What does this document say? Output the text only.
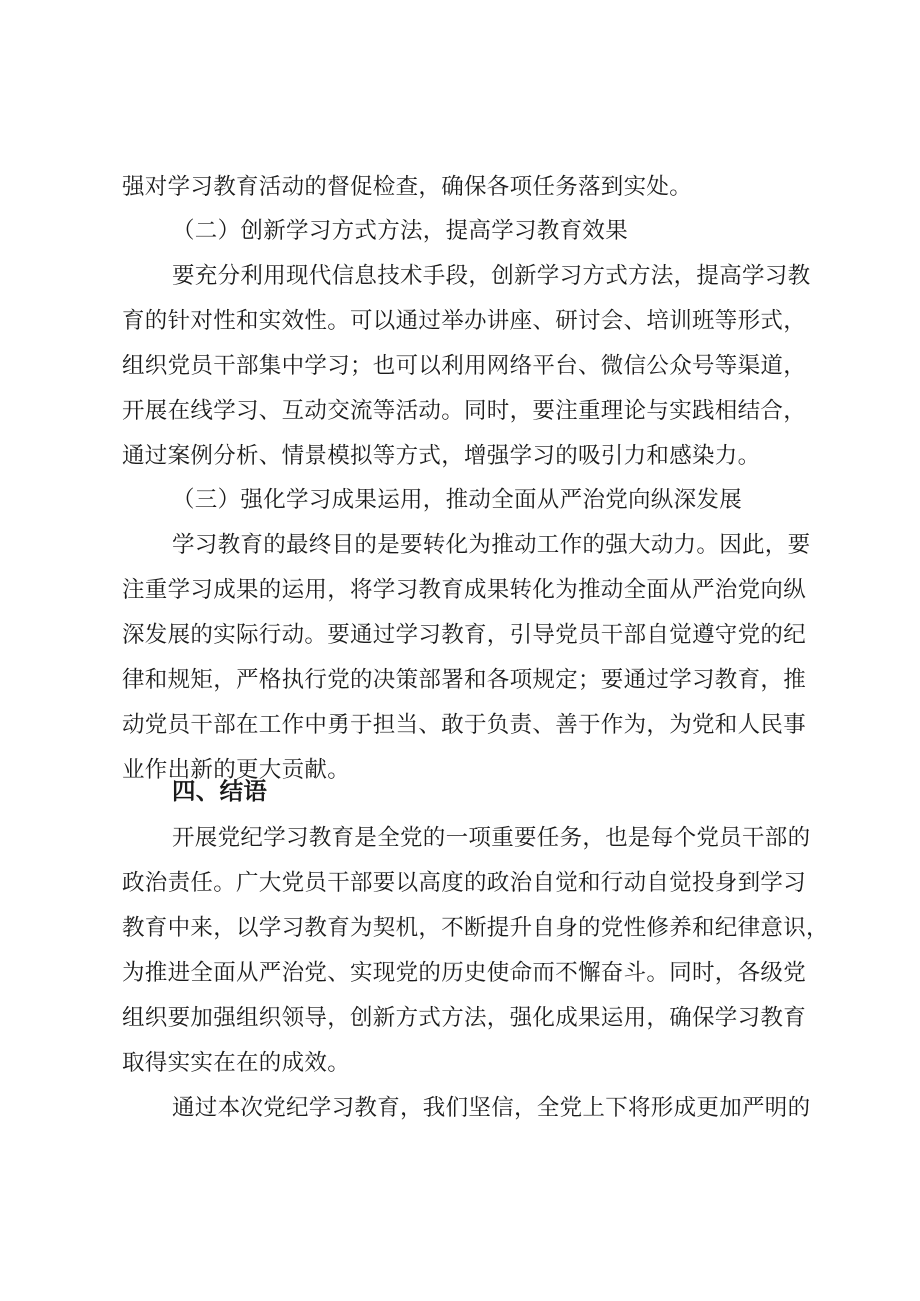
强对学习教育活动的督促检查，确保各项任务落到实处。
（二）创新学习方式方法，提高学习教育效果
要充分利用现代信息技术手段，创新学习方式方法，提高学习教
育的针对性和实效性。可以通过举办讲座、研讨会、培训班等形式，
组织党员干部集中学习；也可以利用网络平台、微信公众号等渠道，
开展在线学习、互动交流等活动。同时，要注重理论与实践相结合，
通过案例分析、情景模拟等方式，增强学习的吸引力和感染力。
（三）强化学习成果运用，推动全面从严治党向纵深发展
学习教育的最终目的是要转化为推动工作的强大动力。因此，要
注重学习成果的运用，将学习教育成果转化为推动全面从严治党向纵
深发展的实际行动。要通过学习教育，引导党员干部自觉遵守党的纪
律和规矩，严格执行党的决策部署和各项规定；要通过学习教育，推
动党员干部在工作中勇于担当、敢于负责、善于作为，为党和人民事
业作出新的更大贡献。
四、结语
开展党纪学习教育是全党的一项重要任务，也是每个党员干部的
政治责任。广大党员干部要以高度的政治自觉和行动自觉投身到学习
教育中来，以学习教育为契机，不断提升自身的党性修养和纪律意识，
为推进全面从严治党、实现党的历史使命而不懈奋斗。同时，各级党
组织要加强组织领导，创新方式方法，强化成果运用，确保学习教育
取得实实在在的成效。
通过本次党纪学习教育，我们坚信，全党上下将形成更加严明的
